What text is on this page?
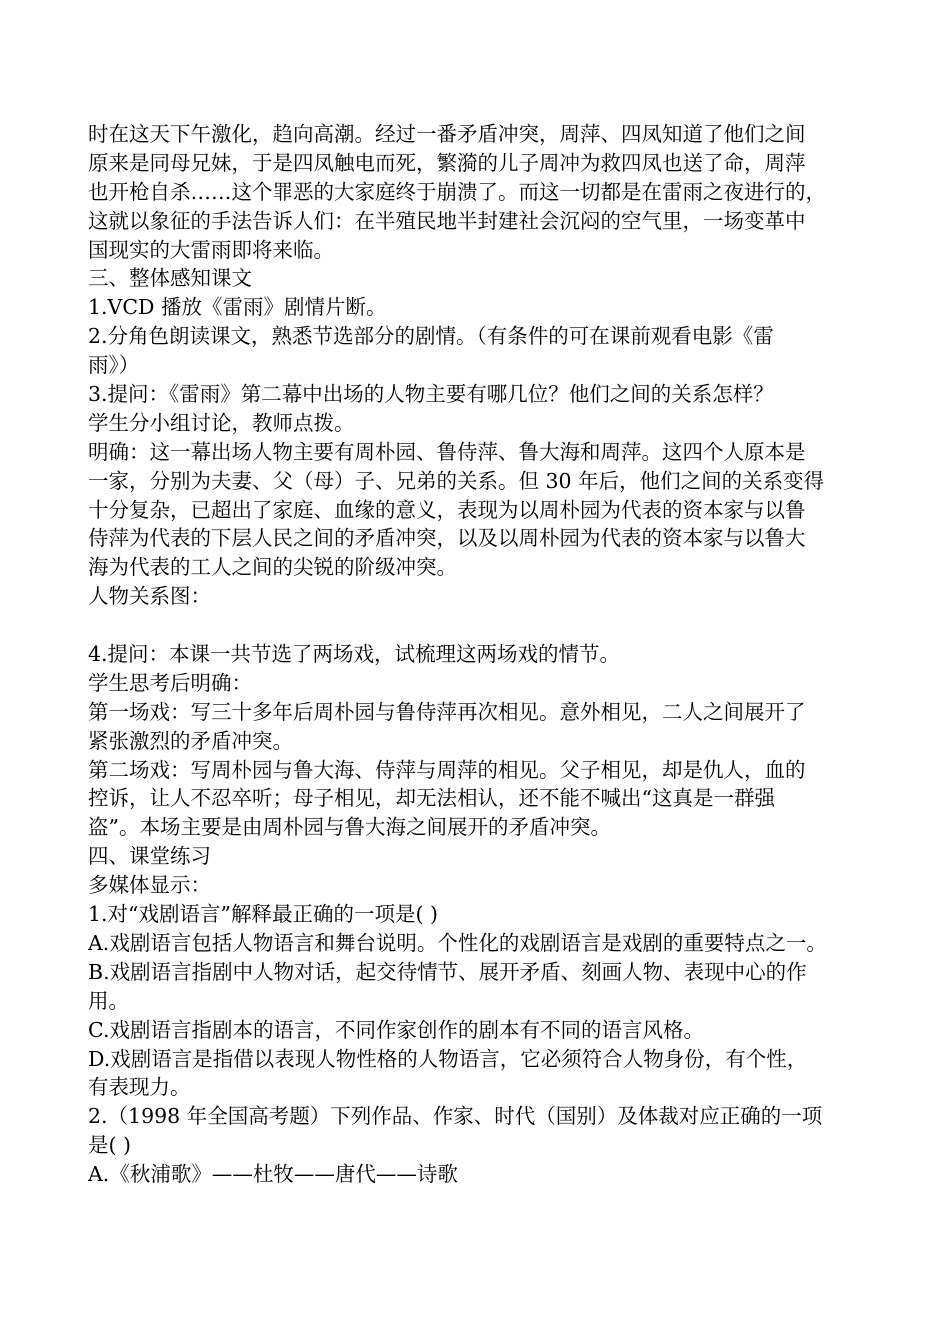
时在这天下午激化，趋向高潮。经过一番矛盾冲突，周萍、四凤知道了他们之间
原来是同母兄妹，于是四凤触电而死，繁漪的儿子周冲为救四凤也送了命，周萍
也开枪自杀……这个罪恶的大家庭终于崩溃了。而这一切都是在雷雨之夜进行的，
这就以象征的手法告诉人们：在半殖民地半封建社会沉闷的空气里，一场变革中
国现实的大雷雨即将来临。
三、整体感知课文
1.VCD 播放《雷雨》剧情片断。
2.分角色朗读课文，熟悉节选部分的剧情。（有条件的可在课前观看电影《雷
雨》）
3.提问：《雷雨》第二幕中出场的人物主要有哪几位？他们之间的关系怎样？
学生分小组讨论，教师点拨。
明确：这一幕出场人物主要有周朴园、鲁侍萍、鲁大海和周萍。这四个人原本是
一家，分别为夫妻、父（母）子、兄弟的关系。但 30 年后，他们之间的关系变得
十分复杂，已超出了家庭、血缘的意义，表现为以周朴园为代表的资本家与以鲁
侍萍为代表的下层人民之间的矛盾冲突，以及以周朴园为代表的资本家与以鲁大
海为代表的工人之间的尖锐的阶级冲突。
人物关系图：
4.提问：本课一共节选了两场戏，试梳理这两场戏的情节。
学生思考后明确：
第一场戏：写三十多年后周朴园与鲁侍萍再次相见。意外相见，二人之间展开了
紧张激烈的矛盾冲突。
第二场戏：写周朴园与鲁大海、侍萍与周萍的相见。父子相见，却是仇人，血的
控诉，让人不忍卒听；母子相见，却无法相认，还不能不喊出“这真是一群强
盗”。本场主要是由周朴园与鲁大海之间展开的矛盾冲突。
四、课堂练习
多媒体显示：
1.对“戏剧语言”解释最正确的一项是( )
A.戏剧语言包括人物语言和舞台说明。个性化的戏剧语言是戏剧的重要特点之一。
B.戏剧语言指剧中人物对话，起交待情节、展开矛盾、刻画人物、表现中心的作
用。
C.戏剧语言指剧本的语言，不同作家创作的剧本有不同的语言风格。
D.戏剧语言是指借以表现人物性格的人物语言，它必须符合人物身份，有个性，
有表现力。
2.（1998 年全国高考题）下列作品、作家、时代（国别）及体裁对应正确的一项
是( )
A.《秋浦歌》——杜牧——唐代——诗歌
